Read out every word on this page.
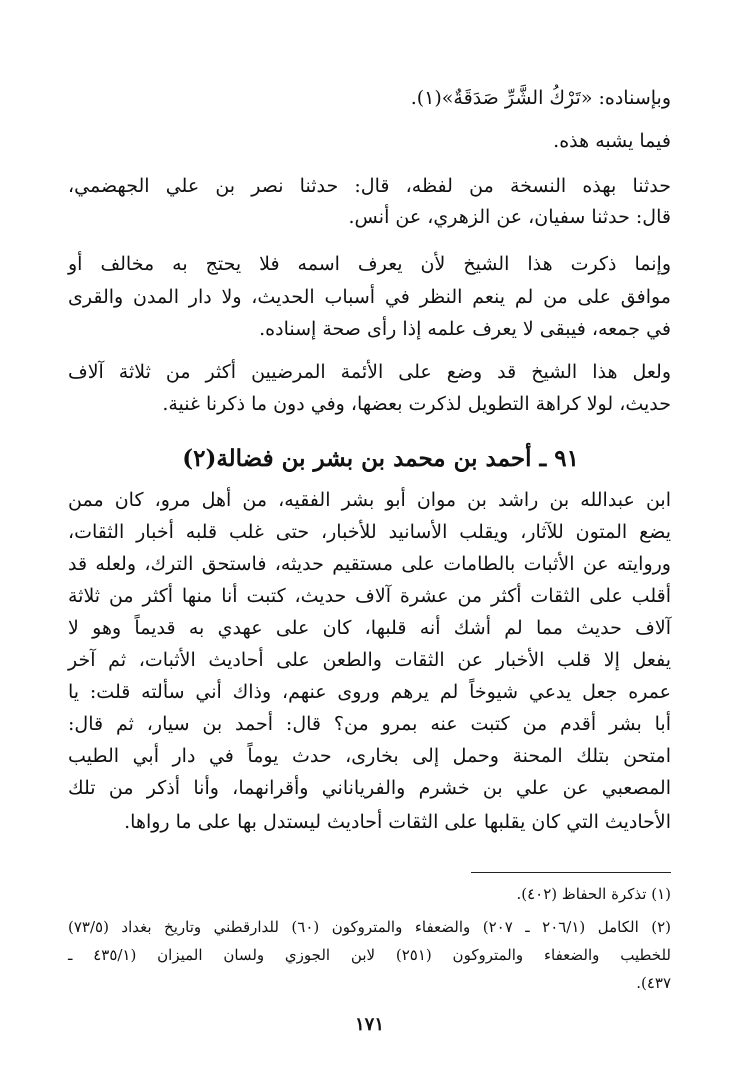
وبإسناده: «تَرْكُ الشَّرِّ صَدَقَةٌ»(١).
فيما يشبه هذه.
حدثنا بهذه النسخة من لفظه، قال: حدثنا نصر بن علي الجهضمي،
قال: حدثنا سفيان، عن الزهري، عن أنس.
وإنما ذكرت هذا الشيخ لأن يعرف اسمه فلا يحتج به مخالف أو
موافق على من لم ينعم النظر في أسباب الحديث، ولا دار المدن والقرى
في جمعه، فيبقى لا يعرف علمه إذا رأى صحة إسناده.
ولعل هذا الشيخ قد وضع على الأئمة المرضيين أكثر من ثلاثة آلاف
حديث، لولا كراهة التطويل لذكرت بعضها، وفي دون ما ذكرنا غنية.
٩١ ـ أحمد بن محمد بن بشر بن فضالة(٢)
ابن عبدالله بن راشد بن موان أبو بشر الفقيه، من أهل مرو، كان ممن
يضع المتون للآثار، ويقلب الأسانيد للأخبار، حتى غلب قلبه أخبار الثقات،
وروايته عن الأثبات بالطامات على مستقيم حديثه، فاستحق الترك، ولعله قد
أقلب على الثقات أكثر من عشرة آلاف حديث، كتبت أنا منها أكثر من ثلاثة
آلاف حديث مما لم أشك أنه قلبها، كان على عهدي به قديماً وهو لا
يفعل إلا قلب الأخبار عن الثقات والطعن على أحاديث الأثبات، ثم آخر
عمره جعل يدعي شيوخاً لم يرهم وروى عنهم، وذاك أني سألته قلت: يا
أبا بشر أقدم من كتبت عنه بمرو من؟ قال: أحمد بن سيار، ثم قال:
امتحن بتلك المحنة وحمل إلى بخارى، حدث يوماً في دار أبي الطيب
المصعبي عن علي بن خشرم والفرياناني وأقرانهما، وأنا أذكر من تلك
الأحاديث التي كان يقلبها على الثقات أحاديث ليستدل بها على ما رواها.
(١) تذكرة الحفاظ (٤٠٢).
(٢) الكامل (٢٠٦/١ ـ ٢٠٧) والضعفاء والمتروكون (٦٠) للدارقطني وتاريخ بغداد (٧٣/٥)
للخطيب والضعفاء والمتروكون (٢٥١) لابن الجوزي ولسان الميزان (٤٣٥/١ ـ
٤٣٧).
١٧١
